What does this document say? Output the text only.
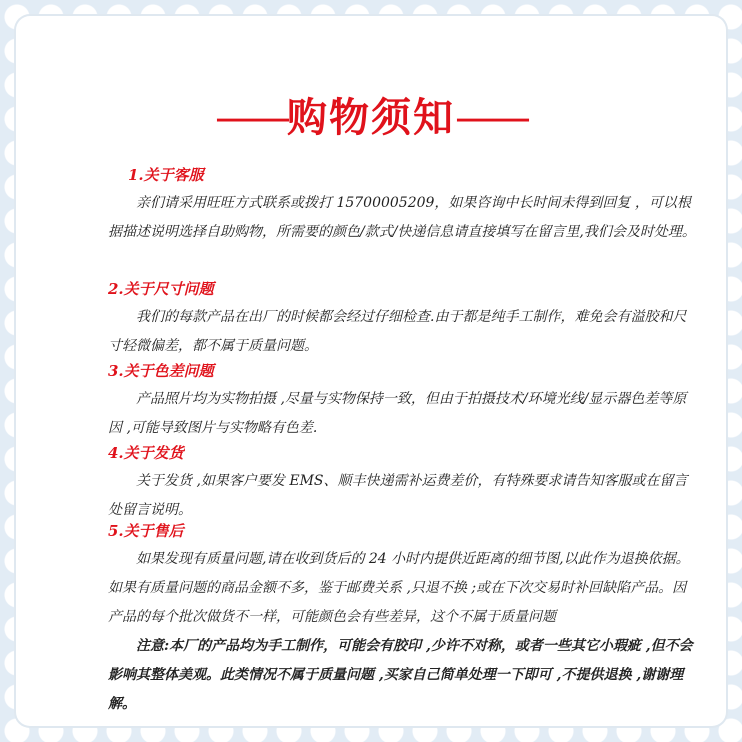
——购物须知——
1.关于客服

亲们请采用旺旺方式联系或拨打 15700005209，如果咨询中长时间未得到回复 ，可以根据描述说明选择自助购物，所需要的颜色/款式/快递信息请直接填写在留言里,我们会及时处理。

2.关于尺寸问题

我们的每款产品在出厂的时候都会经过仔细检查.由于都是纯手工制作，难免会有溢胶和尺寸轻微偏差，都不属于质量问题。

3.关于色差问题

产品照片均为实物拍摄 ,尽量与实物保持一致，但由于拍摄技术/环境光线/显示器色差等原因 ,可能导致图片与实物略有色差.

4.关于发货

关于发货 ,如果客户要发 EMS、顺丰快递需补运费差价，有特殊要求请告知客服或在留言处留言说明。

5.关于售后

如果发现有质量问题,请在收到货后的 24 小时内提供近距离的细节图,以此作为退换依据。 如果有质量问题的商品金额不多，鉴于邮费关系 ,只退不换 ;或在下次交易时补回缺陷产品。因产品的每个批次做货不一样，可能颜色会有些差异，这个不属于质量问题

注意:本厂的产品均为手工制作，可能会有胶印 ,少许不对称，或者一些其它小瑕疵 ,但不会影响其整体美观。此类情况不属于质量问题 ,买家自己简单处理一下即可 ,不提供退换 ,谢谢理解。
